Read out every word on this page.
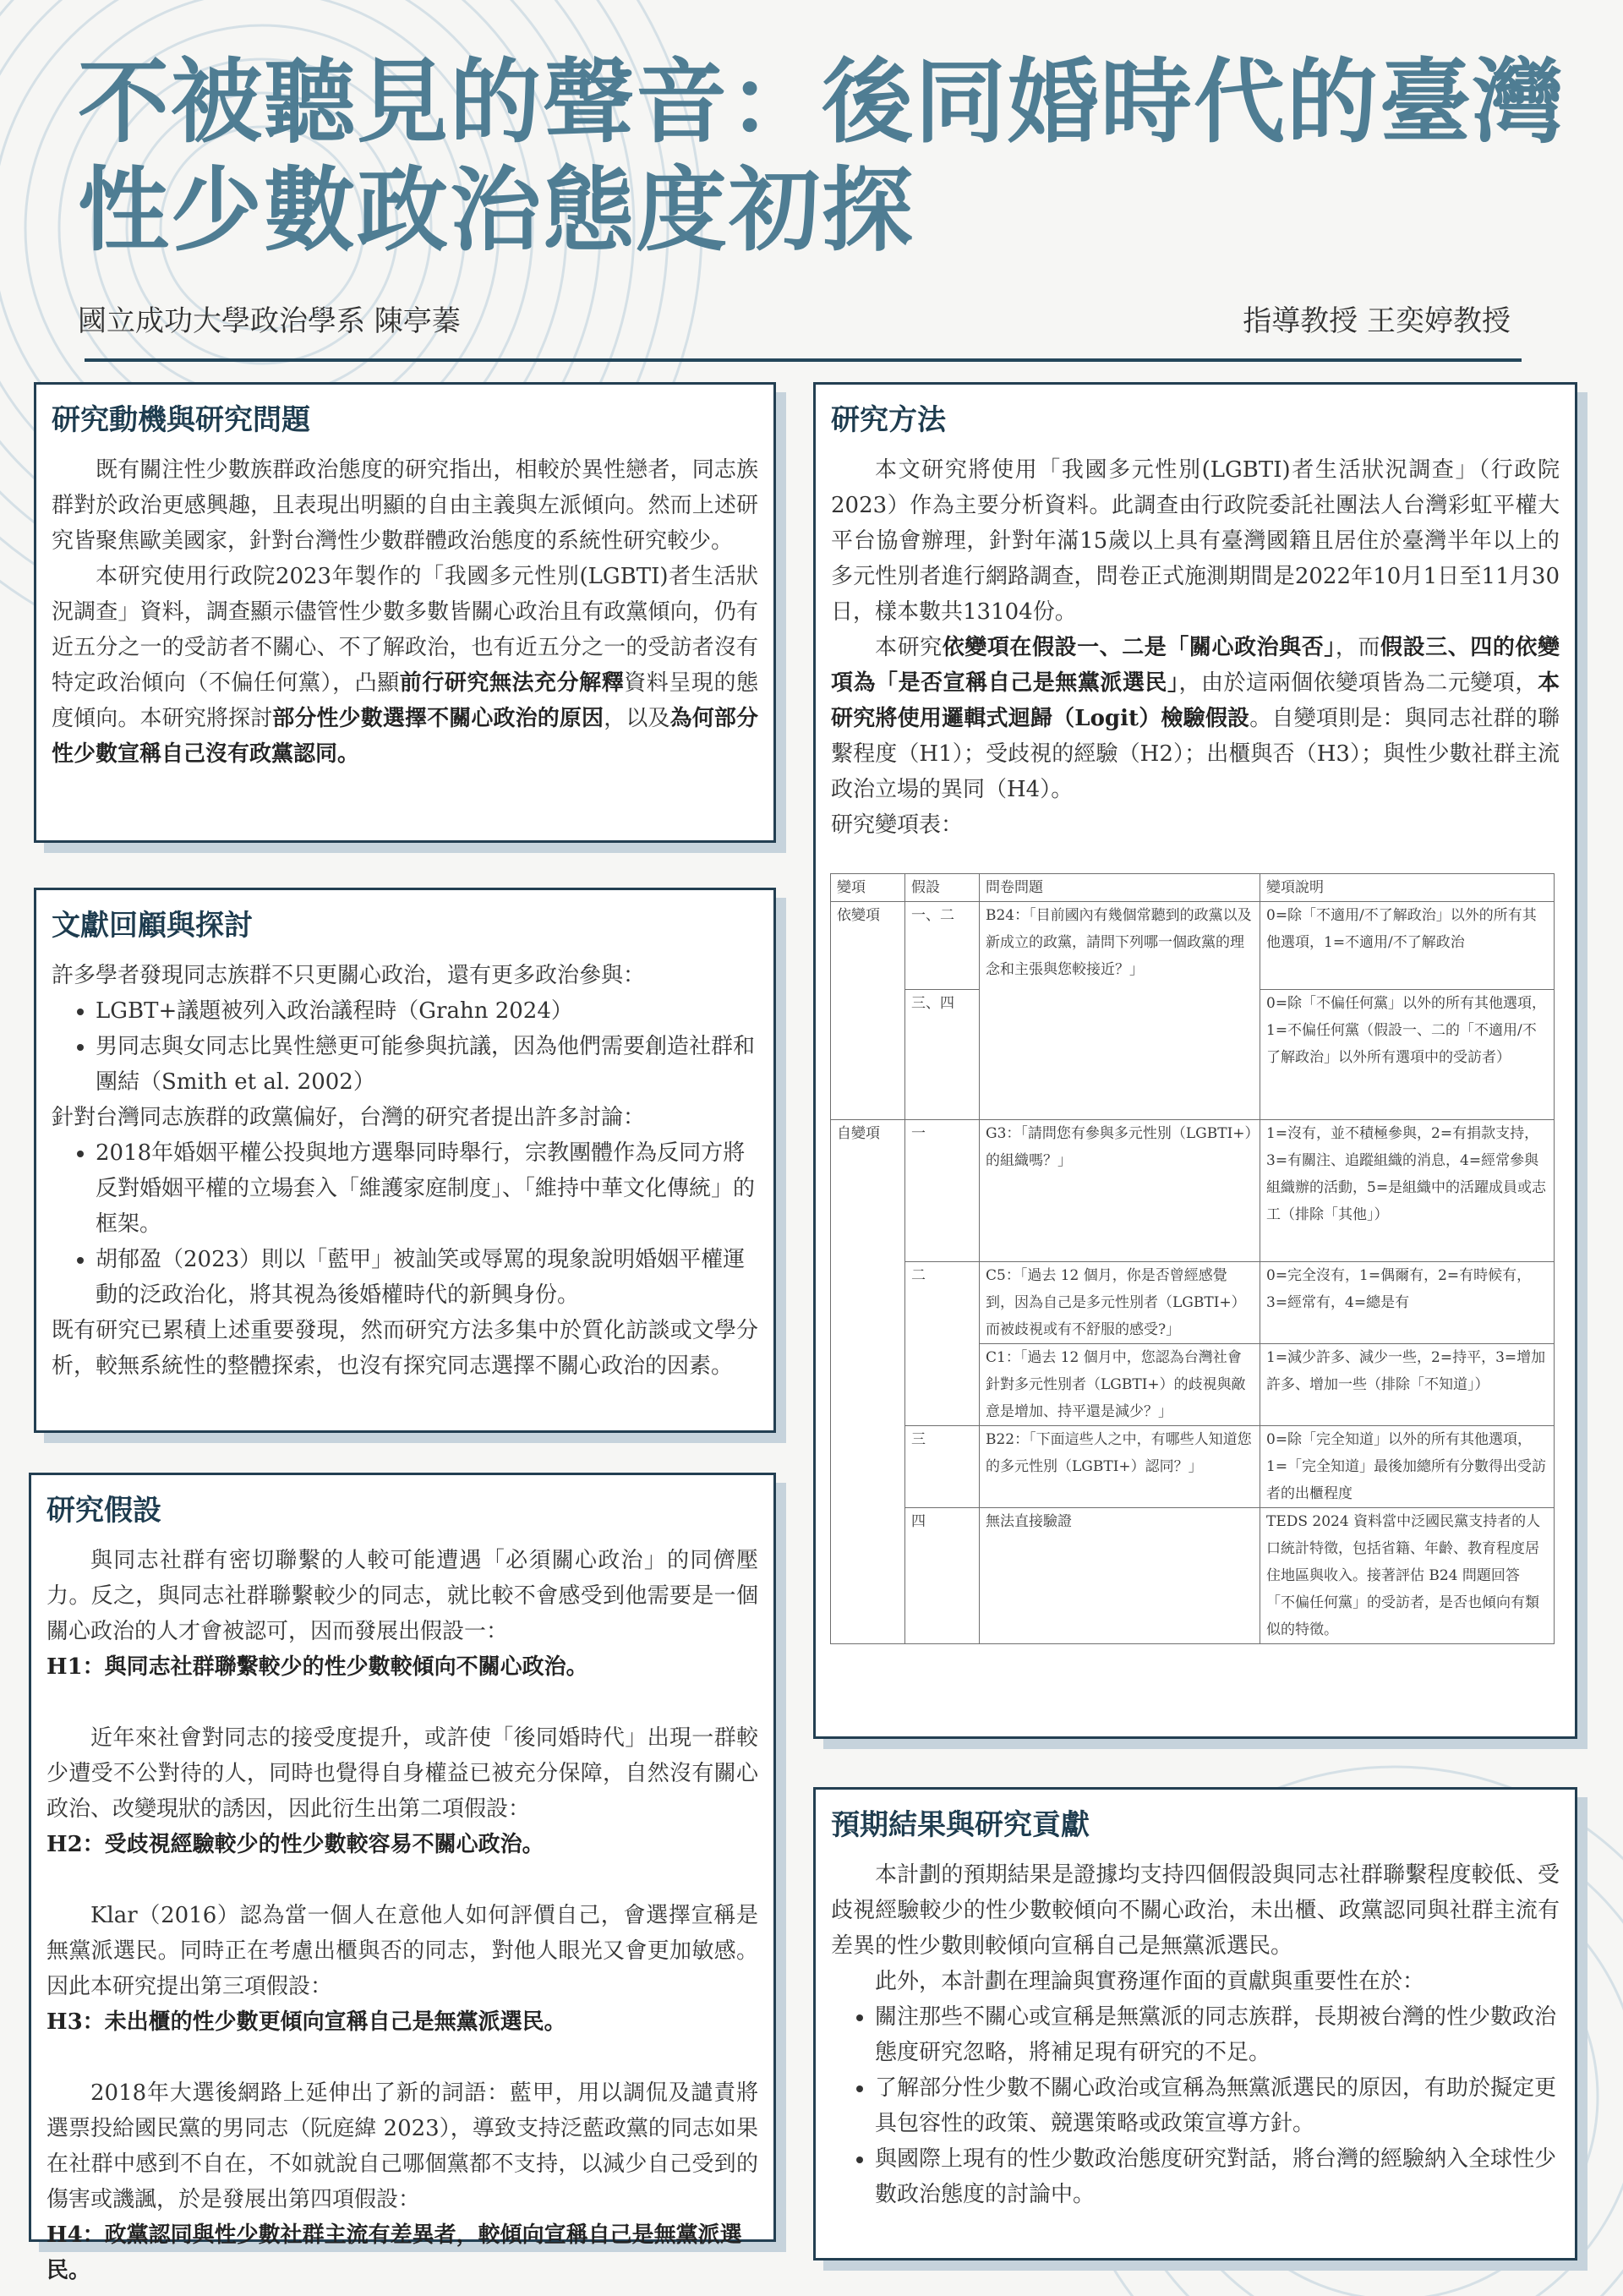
不被聽見的聲音：後同婚時代的臺灣性少數政治態度初探
國立成功大學政治學系 陳亭蓁	指導教授 王奕婷教授
研究動機與研究問題

既有關注性少數族群政治態度的研究指出，相較於異性戀者，同志族群對於政治更感興趣，且表現出明顯的自由主義與左派傾向。然而上述研究皆聚焦歐美國家，針對台灣性少數群體政治態度的系統性研究較少。

本研究使用行政院2023年製作的「我國多元性別(LGBTI)者生活狀況調查」資料，調查顯示儘管性少數多數皆關心政治且有政黨傾向，仍有近五分之一的受訪者不關心、不了解政治，也有近五分之一的受訪者沒有特定政治傾向（不偏任何黨），凸顯前行研究無法充分解釋資料呈現的態度傾向。本研究將探討部分性少數選擇不關心政治的原因，以及為何部分性少數宣稱自己沒有政黨認同。

文獻回顧與探討

許多學者發現同志族群不只更關心政治，還有更多政治參與：

• LGBT+議題被列入政治議程時（Grahn 2024）
• 男同志與女同志比異性戀更可能參與抗議，因為他們需要創造社群和團結（Smith et al. 2002）

針對台灣同志族群的政黨偏好，台灣的研究者提出許多討論：

• 2018年婚姻平權公投與地方選舉同時舉行，宗教團體作為反同方將反對婚姻平權的立場套入「維護家庭制度」、「維持中華文化傳統」的框架。
• 胡郁盈（2023）則以「藍甲」被訕笑或辱罵的現象說明婚姻平權運動的泛政治化，將其視為後婚權時代的新興身份。

既有研究已累積上述重要發現，然而研究方法多集中於質化訪談或文學分析，較無系統性的整體探索，也沒有探究同志選擇不關心政治的因素。

研究假設

與同志社群有密切聯繫的人較可能遭遇「必須關心政治」的同儕壓力。反之，與同志社群聯繫較少的同志，就比較不會感受到他需要是一個關心政治的人才會被認可，因而發展出假設一：

H1：與同志社群聯繫較少的性少數較傾向不關心政治。

近年來社會對同志的接受度提升，或許使「後同婚時代」出現一群較少遭受不公對待的人，同時也覺得自身權益已被充分保障，自然沒有關心政治、改變現狀的誘因，因此衍生出第二項假設：

H2：受歧視經驗較少的性少數較容易不關心政治。

Klar（2016）認為當一個人在意他人如何評價自己，會選擇宣稱是無黨派選民。同時正在考慮出櫃與否的同志，對他人眼光又會更加敏感。因此本研究提出第三項假設：

H3：未出櫃的性少數更傾向宣稱自己是無黨派選民。

2018年大選後網路上延伸出了新的詞語：藍甲，用以調侃及譴責將選票投給國民黨的男同志（阮庭緯 2023），導致支持泛藍政黨的同志如果在社群中感到不自在，不如就說自己哪個黨都不支持，以減少自己受到的傷害或譏諷，於是發展出第四項假設：

H4：政黨認同與性少數社群主流有差異者，較傾向宣稱自己是無黨派選民。
研究方法

本文研究將使用「我國多元性別(LGBTI)者生活狀況調查」（行政院 2023）作為主要分析資料。此調查由行政院委託社團法人台灣彩虹平權大平台協會辦理，針對年滿15歲以上具有臺灣國籍且居住於臺灣半年以上的多元性別者進行網路調查，問卷正式施測期間是2022年10月1日至11月30日，樣本數共13104份。

本研究依變項在假設一、二是「關心政治與否」，而假設三、四的依變項為「是否宣稱自己是無黨派選民」，由於這兩個依變項皆為二元變項，本研究將使用邏輯式迴歸（Logit）檢驗假設。自變項則是：與同志社群的聯繫程度（H1）；受歧視的經驗（H2）；出櫃與否（H3）；與性少數社群主流政治立場的異同（H4）。

研究變項表：

變項	假設	問卷問題	變項說明
依變項	一、二	B24：「目前國內有幾個常聽到的政黨以及新成立的政黨，請問下列哪一個政黨的理念和主張與您較接近？」	0=除「不適用/不了解政治」以外的所有其他選項，1=不適用/不了解政治
	三、四		0=除「不偏任何黨」以外的所有其他選項，1=不偏任何黨（假設一、二的「不適用/不了解政治」以外所有選項中的受訪者）
自變項	一	G3：「請問您有參與多元性別（LGBTI+）的組織嗎？」	1=沒有，並不積極參與，2=有捐款支持，3=有關注、追蹤組織的消息，4=經常參與組織辦的活動，5=是組織中的活躍成員或志工（排除「其他」）
	二	C5：「過去 12 個月，你是否曾經感覺到，因為自己是多元性別者（LGBTI+）而被歧視或有不舒服的感受?」	0=完全沒有，1=偶爾有，2=有時候有，3=經常有，4=總是有
		C1：「過去 12 個月中，您認為台灣社會針對多元性別者（LGBTI+）的歧視與敵意是增加、持平還是減少？」	1=減少許多、減少一些，2=持平，3=增加許多、增加一些（排除「不知道」）
	三	B22：「下面這些人之中，有哪些人知道您的多元性別（LGBTI+）認同？」	0=除「完全知道」以外的所有其他選項，1=「完全知道」最後加總所有分數得出受訪者的出櫃程度
	四	無法直接驗證	TEDS 2024 資料當中泛國民黨支持者的人口統計特徵，包括省籍、年齡、教育程度居住地區與收入。接著評估 B24 問題回答「不偏任何黨」的受訪者，是否也傾向有類似的特徵。
預期結果與研究貢獻

本計劃的預期結果是證據均支持四個假設與同志社群聯繫程度較低、受歧視經驗較少的性少數較傾向不關心政治，未出櫃、政黨認同與社群主流有差異的性少數則較傾向宣稱自己是無黨派選民。

此外，本計劃在理論與實務運作面的貢獻與重要性在於：

• 關注那些不關心或宣稱是無黨派的同志族群，長期被台灣的性少數政治態度研究忽略，將補足現有研究的不足。
• 了解部分性少數不關心政治或宣稱為無黨派選民的原因，有助於擬定更具包容性的政策、競選策略或政策宣導方針。
• 與國際上現有的性少數政治態度研究對話，將台灣的經驗納入全球性少數政治態度的討論中。
